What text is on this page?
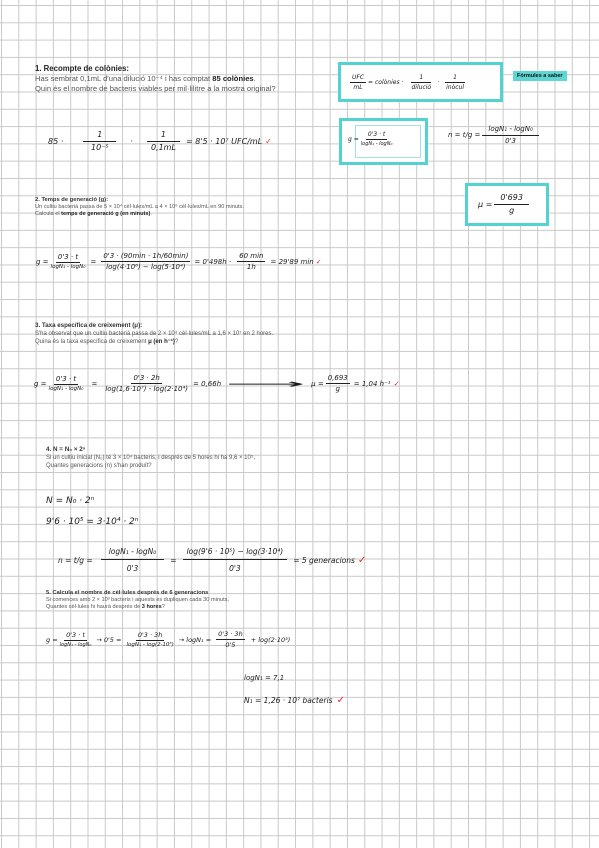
1. Recompte de colònies:
Has sembrat 0,1mL d'una dilució 10⁻⁴ i has comptat 85 colònies.
Quin és el nombre de bacteris viables per mil·lilitre a la mostra original?
85 ·	$\frac{1}{\text{10⁻⁵}} \cdot \frac{1}{0,1mL} = 8'5 \cdot 10^7$ UFC/mL ✓
Fórmules a saber
$\frac{\text{UFC}}{mL}$ = colònies · $\frac{1}{\text{dilució}} \cdot \frac{1}{\text{inòcul}}$
$g = \frac{0'3 \cdot t}{\text{logN₁ - logN₀}}$	$n = t/g = \frac{\text{logN₁ - logN₀}}{0'3}$
$\mu = \frac{0'693}{g}$
2. Temps de generació (g):
Un cultiu bacterià passa de 5 × 10⁴ cèl·lules/mL a 4 × 10⁶ cèl·lules/mL en 90 minuts.
Calcula el temps de generació g (en minuts).
$g = \frac{0'3 \cdot t}{\text{logN₁ - logN₀}} = \frac{0'3 \cdot (90\min \cdot 1h/60\min)}{\text{log(4·10⁶) − log(5·10⁴)}} = 0'498h \cdot \frac{60 \min}{1h} = 29'89$ min ✓
3. Taxa específica de creixement (μ):
S'ha observat que un cultiu bacterià passa de 2 × 10⁴ cèl·lules/mL a 1,6 × 10⁷ en 2 hores.
Quina és la taxa específica de creixement μ (en h⁻¹)?
$g = \frac{0'3 \cdot t}{\text{logN₁ - logN₀}} = \frac{0'3 \cdot 2h}{\text{log(1,6·10⁷) - log(2·10⁴)}} = 0,66h$ ⟶ $\mu = \frac{0,693}{g} = 1,04$ h⁻¹ ✓
4. N = N₀ × 2ⁿ
Si un cultiu inicial (N₀) té 3 × 10⁴ bacteris, i després de 5 hores hi ha 9,6 × 10⁵,
Quantes generacions (n) s'han produït?
N = N₀ · 2ⁿ
9'6 · 10⁵ = 3·10⁴ · 2ⁿ
$n = t/g = \frac{\text{logN₁ - logN₀}}{0'3} = \frac{\text{log(9'6 · 10⁵) − log(3·10⁴)}}{0'3} = 5$ generacions ✓
5. Calcula el nombre de cèl·lules després de 6 generacions
Si comences amb 2 × 10³ bacteris i aquests es dupliquen cada 30 minuts,
Quantes cèl·lules hi haurà després de 3 hores?
$g = \frac{0'3 \cdot t}{\text{logN₁ - logN₀}} \to 0'5 = \frac{0'3 \cdot 3h}{\text{logN₁ - log(2·10³)}} \to \log N_1 = \frac{0'3 \cdot 3h}{0'5} + \log(2\cdot 10^3)$
logN₁ = 7,1
N₁ = 1,26 · 10⁷ bacteris ✓
